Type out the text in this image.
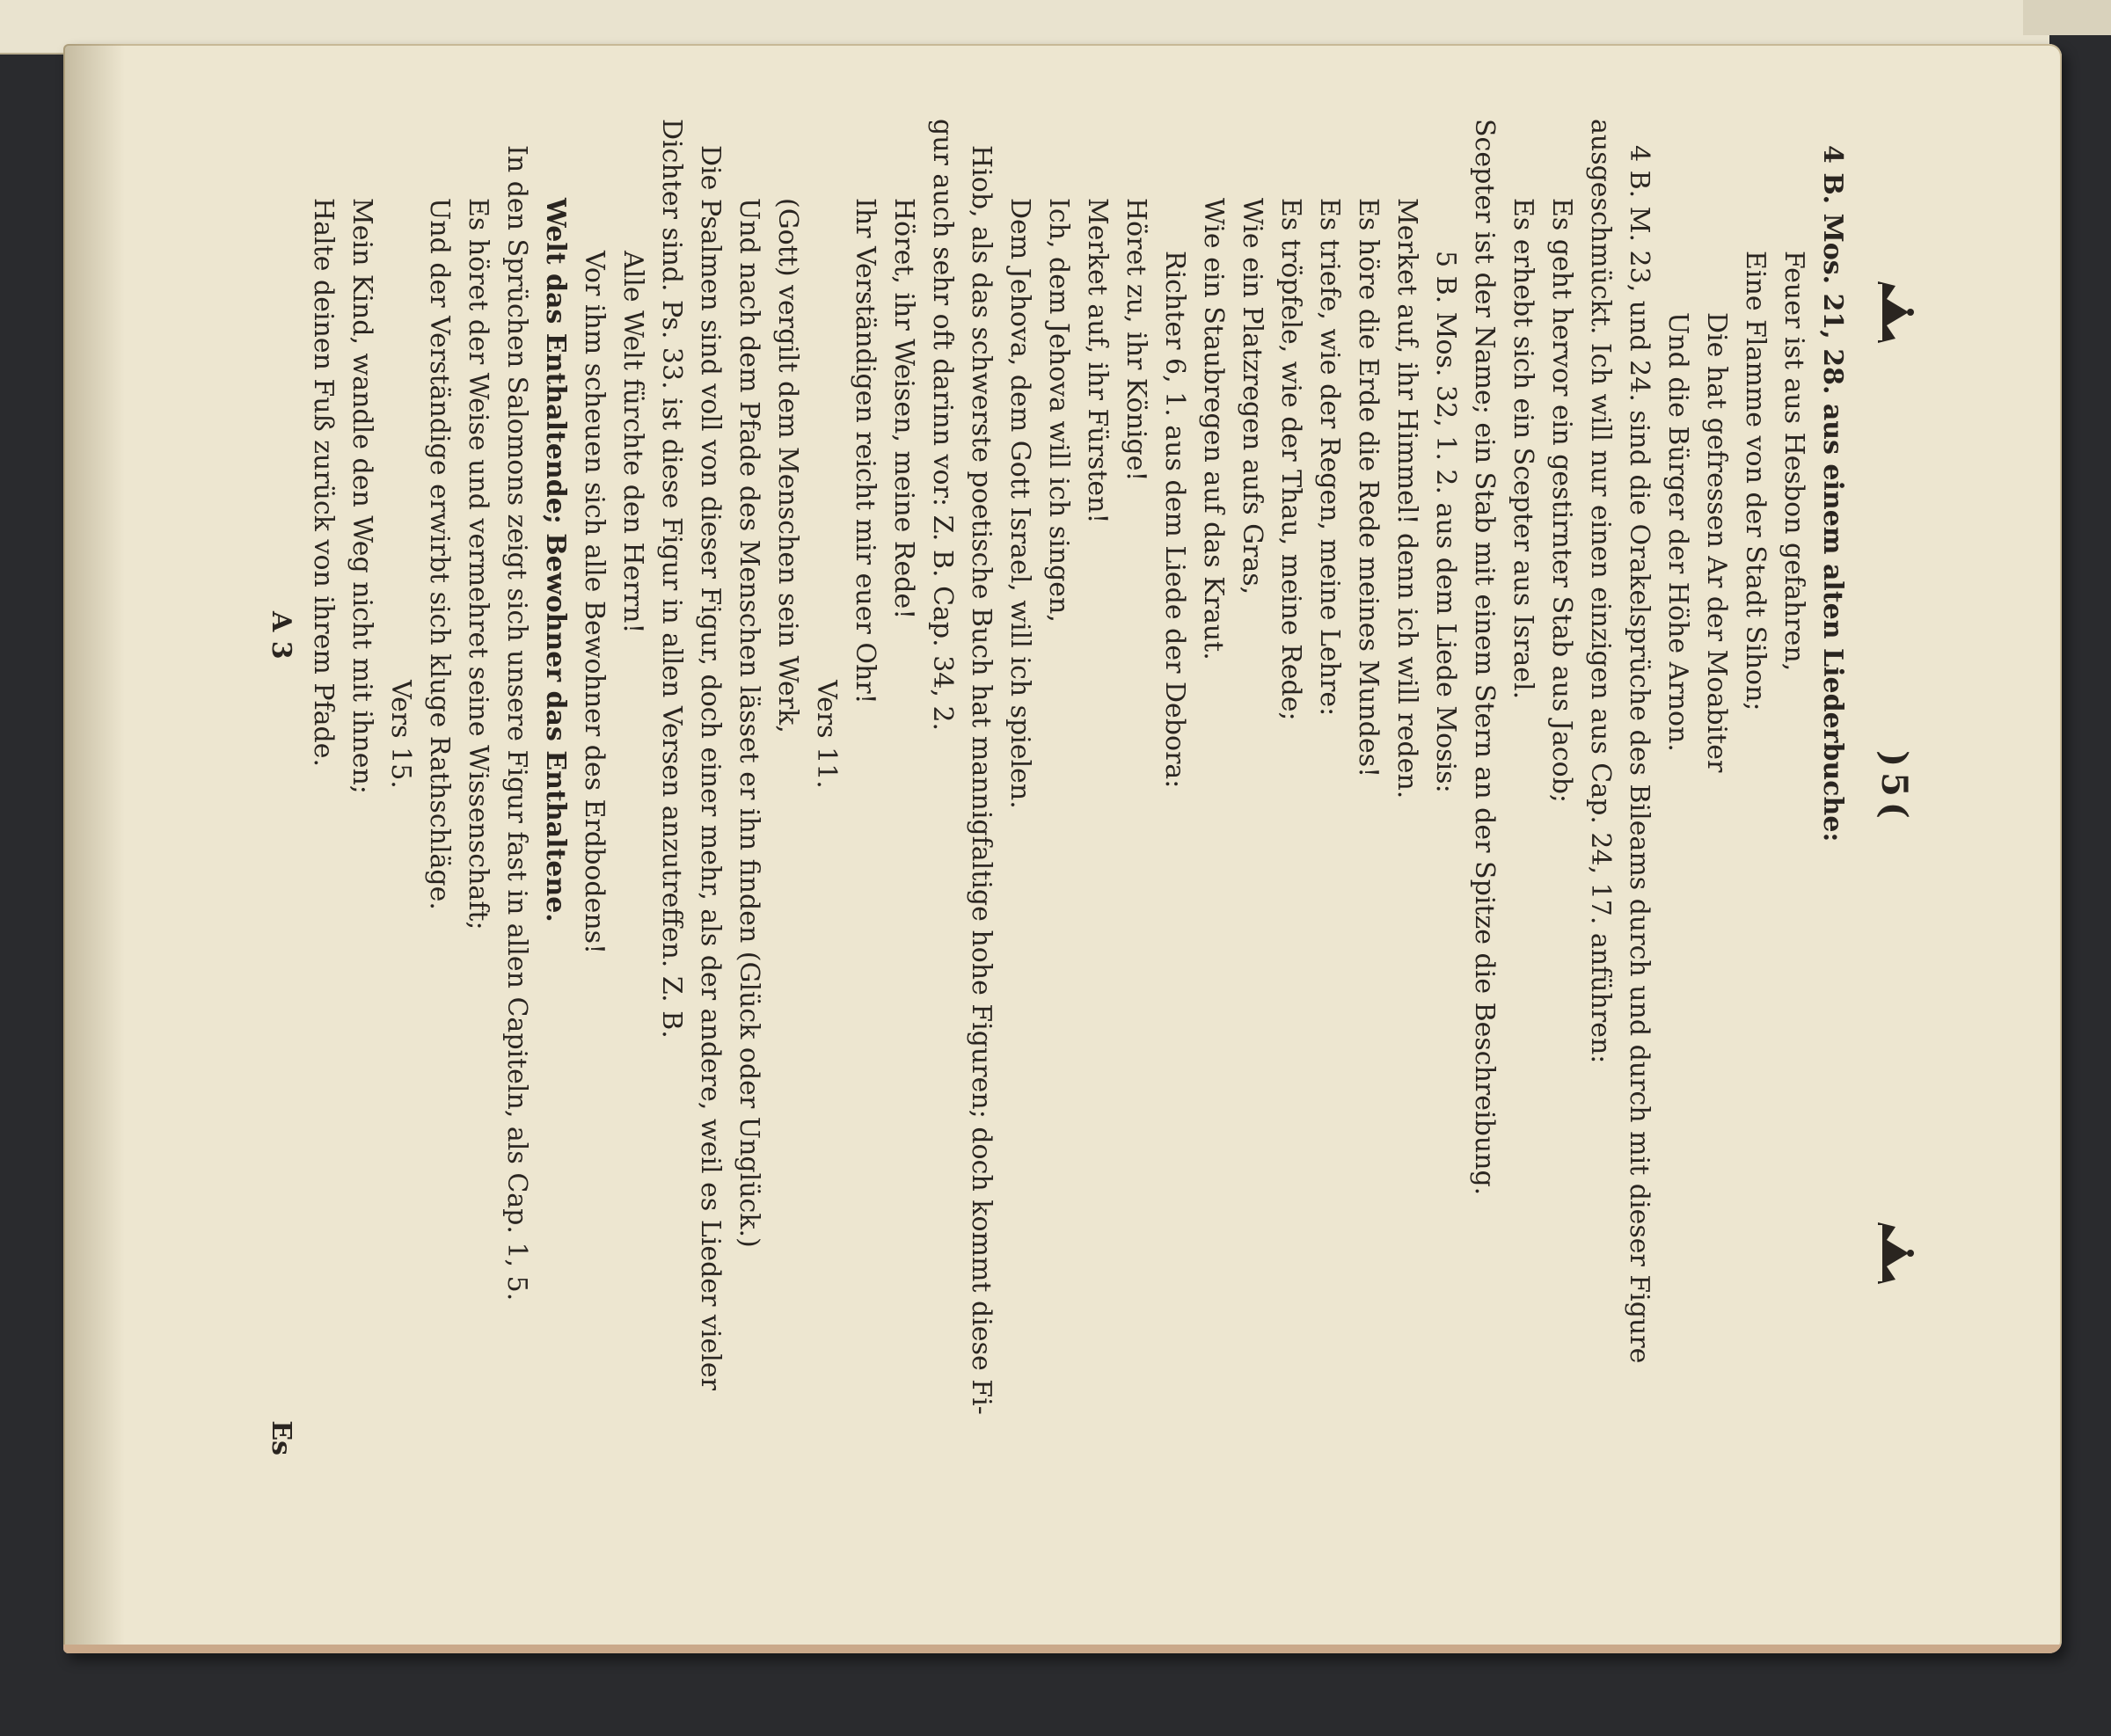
)5(

4 B. Mos. 21, 28. aus einem alten Liederbuche:

Feuer ist aus Hesbon gefahren,

Eine Flamme von der Stadt Sihon;

Die hat gefressen Ar der Moabiter

Und die Bürger der Höhe Arnon.

4 B. M. 23, und 24. sind die Orakelsprüche des Bileams durch und durch mit dieser Figure

ausgeschmückt. Ich will nur einen einzigen aus Cap. 24, 17. anführen:

Es geht hervor ein gestirnter Stab aus Jacob;

Es erhebt sich ein Scepter aus Israel.

Scepter ist der Name; ein Stab mit einem Stern an der Spitze die Beschreibung.

5 B. Mos. 32, 1. 2. aus dem Liede Mosis:

Merket auf, ihr Himmel! denn ich will reden.

Es höre die Erde die Rede meines Mundes!

Es triefe, wie der Regen, meine Lehre:

Es tröpfele, wie der Thau, meine Rede;

Wie ein Platzregen aufs Gras,

Wie ein Staubregen auf das Kraut.

Richter 6, 1. aus dem Liede der Debora:

Höret zu, ihr Könige!

Merket auf, ihr Fürsten!

Ich, dem Jehova will ich singen,

Dem Jehova, dem Gott Israel, will ich spielen.

Hiob, als das schwerste poetische Buch hat mannigfaltige hohe Figuren; doch kommt diese Fi-

gur auch sehr oft darinn vor: Z. B. Cap. 34, 2.

Höret, ihr Weisen, meine Rede!

Ihr Verständigen reicht mir euer Ohr!

Vers 11.

(Gott) vergilt dem Menschen sein Werk,

Und nach dem Pfade des Menschen lässet er ihn finden (Glück oder Unglück.)

Die Psalmen sind voll von dieser Figur, doch einer mehr, als der andere, weil es Lieder vieler

Dichter sind. Ps. 33. ist diese Figur in allen Versen anzutreffen. Z. B.

Alle Welt fürchte den Herrn!

Vor ihm scheuen sich alle Bewohner des Erdbodens!

Welt das Enthaltende; Bewohner das Enthaltene.

In den Sprüchen Salomons zeigt sich unsere Figur fast in allen Capiteln, als Cap. 1, 5.

Es höret der Weise und vermehret seine Wissenschaft;

Und der Verständige erwirbt sich kluge Rathschläge.

Vers 15.

Mein Kind, wandle den Weg nicht mit ihnen;

Halte deinen Fuß zurück von ihrem Pfade.

A 3
Es
